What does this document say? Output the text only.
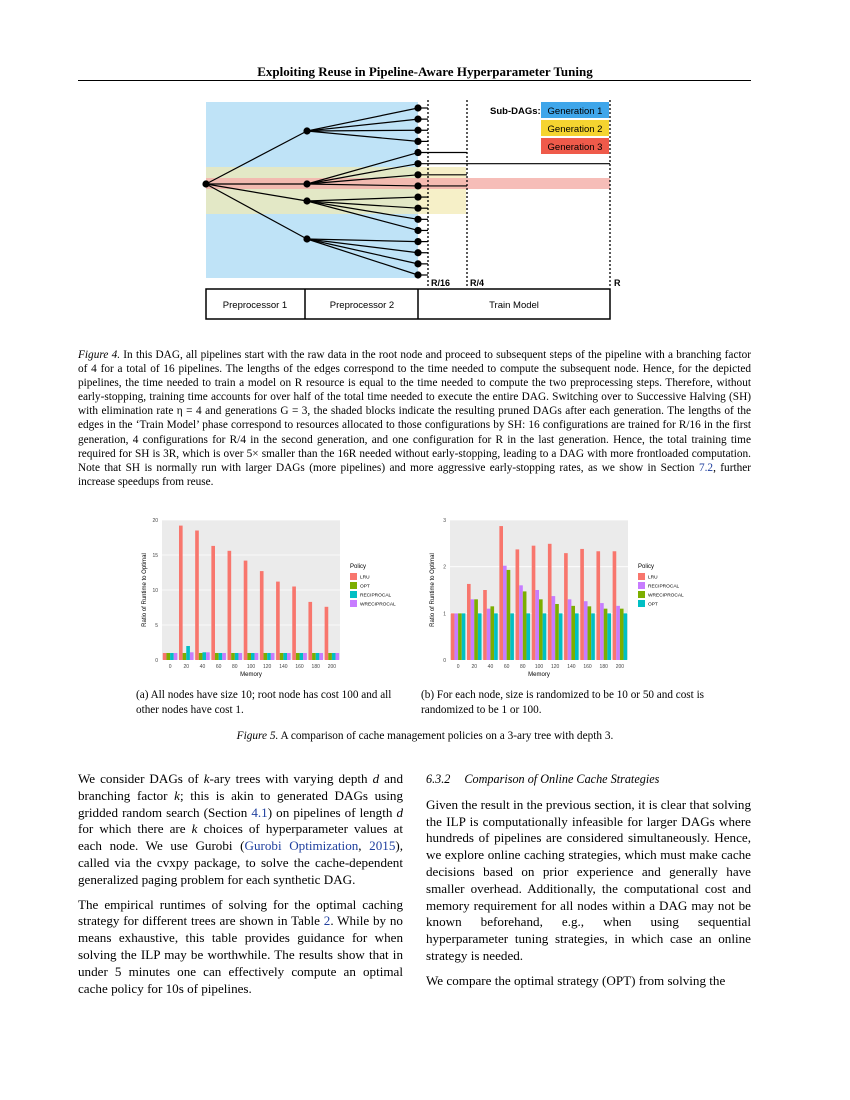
Exploiting Reuse in Pipeline-Aware Hyperparameter Tuning
R/16 R/4	R
Sub-DAGs: Generation 1
Generation 2
Generation 3
Preprocessor 1	Preprocessor 2	Train Model
Figure 4. In this DAG, all pipelines start with the raw data in the root node and proceed to subsequent steps of the pipeline with a branching factor of 4 for a total of 16 pipelines. The lengths of the edges correspond to the time needed to compute the subsequent node. Hence, for the depicted pipelines, the time needed to train a model on R resource is equal to the time needed to compute the two preprocessing steps. Therefore, without early-stopping, training time accounts for over half of the total time needed to execute the entire DAG. Switching over to Successive Halving (SH) with elimination rate η = 4 and generations G = 3, the shaded blocks indicate the resulting pruned DAGs after each generation. The lengths of the edges in the ‘Train Model’ phase correspond to resources allocated to those configurations by SH: 16 configurations are trained for R/16 in the first generation, 4 configurations for R/4 in the second generation, and one configuration for R in the last generation. Hence, the total training time required for SH is 3R, which is over 5× smaller than the 16R needed without early-stopping, leading to a DAG with more frontloaded computation. Note that SH is normally run with larger DAGs (more pipelines) and more aggressive early-stopping rates, as we show in Section 7.2, further increase speedups from reuse.
0
5
10
15
20
0 20 40 60 80 100 120 140 160 180 200
Memory
Ratio of Runtime to Optimal	Policy
LRU
OPT
RECIPROCAL
WRECIPROCAL
0
1
2
3
0 20 40 60 80 100 120 140 160 180 200
Memory
Ratio of Runtime to Optimal	Policy
LRU
RECIPROCAL
WRECIPROCAL
OPT
(a) All nodes have size 10; root node has cost 100 and all other nodes have cost 1.
(b) For each node, size is randomized to be 10 or 50 and cost is randomized to be 1 or 100.
Figure 5. A comparison of cache management policies on a 3-ary tree with depth 3.

We consider DAGs of k-ary trees with varying depth d and branching factor k; this is akin to generated DAGs using gridded random search (Section 4.1) on pipelines of length d for which there are k choices of hyperparameter values at each node. We use Gurobi (Gurobi Optimization, 2015), called via the cvxpy package, to solve the cache-dependent generalized paging problem for each synthetic DAG.

The empirical runtimes of solving for the optimal caching strategy for different trees are shown in Table 2. While by no means exhaustive, this table provides guidance for when solving the ILP may be worthwhile. The results show that in under 5 minutes one can effectively compute an optimal cache policy for 10s of pipelines.

6.3.2 Comparison of Online Cache Strategies

Given the result in the previous section, it is clear that solving the ILP is computationally infeasible for larger DAGs where hundreds of pipelines are considered simultaneously. Hence, we explore online caching strategies, which must make cache decisions based on prior experience and generally have smaller overhead. Additionally, the computational cost and memory requirement for all nodes within a DAG may not be known beforehand, e.g., when using sequential hyperparameter tuning strategies, in which case an online strategy is needed.

We compare the optimal strategy (OPT) from solving the
